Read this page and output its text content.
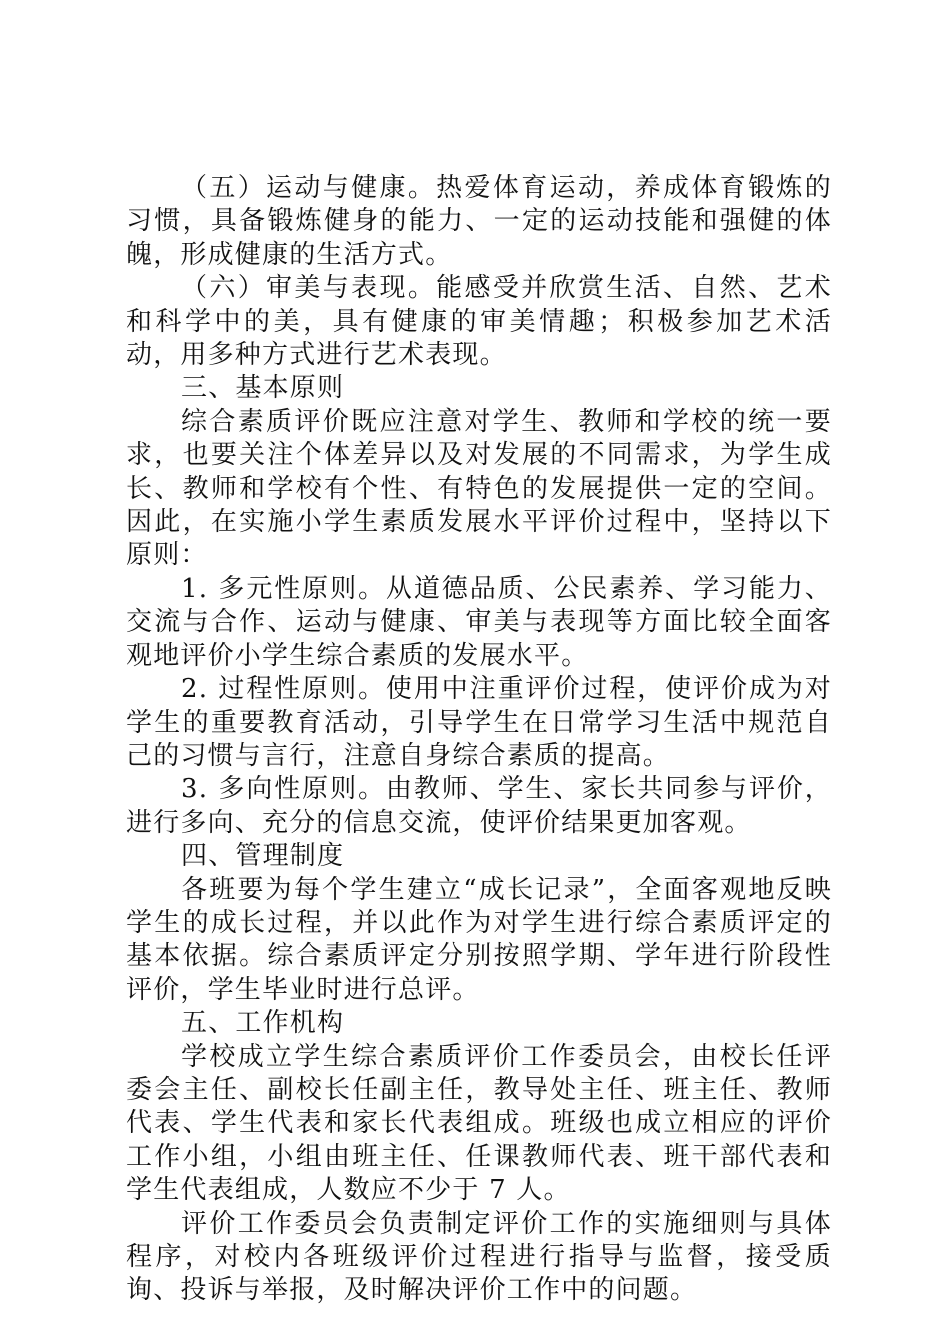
（五）运动与健康。热爱体育运动，养成体育锻炼的习惯，具备锻炼健身的能力、一定的运动技能和强健的体魄，形成健康的生活方式。

（六）审美与表现。能感受并欣赏生活、自然、艺术和科学中的美，具有健康的审美情趣；积极参加艺术活动，用多种方式进行艺术表现。

三、基本原则

综合素质评价既应注意对学生、教师和学校的统一要求，也要关注个体差异以及对发展的不同需求，为学生成长、教师和学校有个性、有特色的发展提供一定的空间。因此，在实施小学生素质发展水平评价过程中，坚持以下原则：

1. 多元性原则。从道德品质、公民素养、学习能力、交流与合作、运动与健康、审美与表现等方面比较全面客观地评价小学生综合素质的发展水平。

2. 过程性原则。使用中注重评价过程，使评价成为对学生的重要教育活动，引导学生在日常学习生活中规范自己的习惯与言行，注意自身综合素质的提高。

3. 多向性原则。由教师、学生、家长共同参与评价，进行多向、充分的信息交流，使评价结果更加客观。

四、管理制度

各班要为每个学生建立“成长记录”，全面客观地反映学生的成长过程，并以此作为对学生进行综合素质评定的基本依据。综合素质评定分别按照学期、学年进行阶段性评价，学生毕业时进行总评。

五、工作机构

学校成立学生综合素质评价工作委员会，由校长任评委会主任、副校长任副主任，教导处主任、班主任、教师代表、学生代表和家长代表组成。班级也成立相应的评价工作小组，小组由班主任、任课教师代表、班干部代表和学生代表组成，人数应不少于 7 人。

评价工作委员会负责制定评价工作的实施细则与具体程序，对校内各班级评价过程进行指导与监督，接受质询、投诉与举报，及时解决评价工作中的问题。
